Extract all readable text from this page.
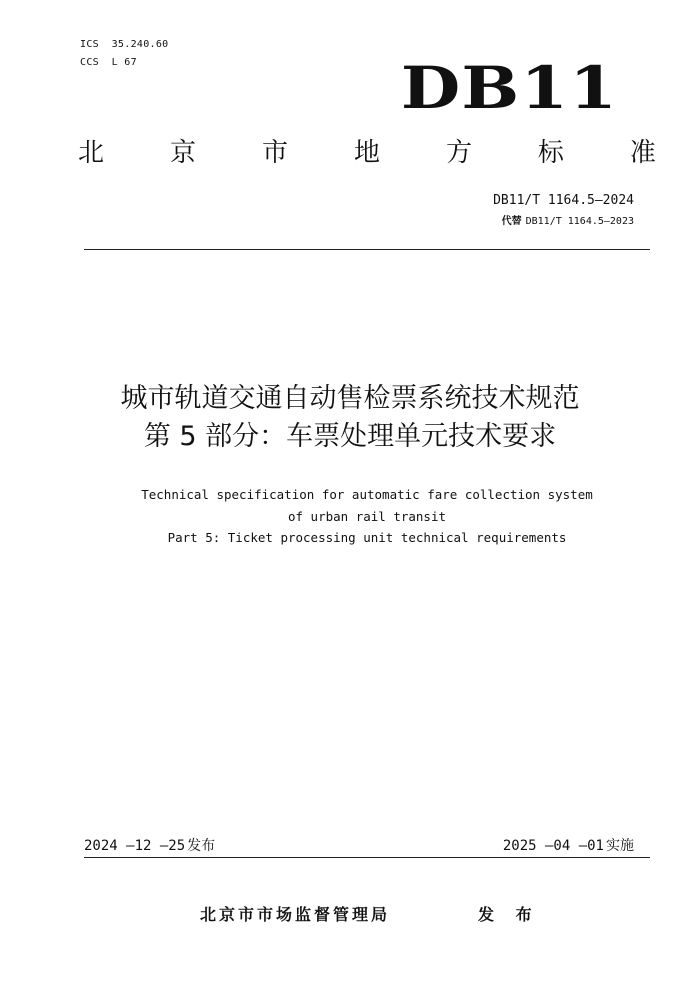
ICS  35.240.60
CCS  L 67	DB11
北	京	市	地	方	标	准
DB11/T 1164.5—2024
代替 DB11/T 1164.5—2023
城市轨道交通自动售检票系统技术规范
第 5 部分：车票处理单元技术要求
Technical specification for automatic fare collection system
of urban rail transit
Part 5: Ticket processing unit technical requirements
2024 —12 —25 发布	2025 —04 —01 实施
北京市市场监督管理局	发 布
